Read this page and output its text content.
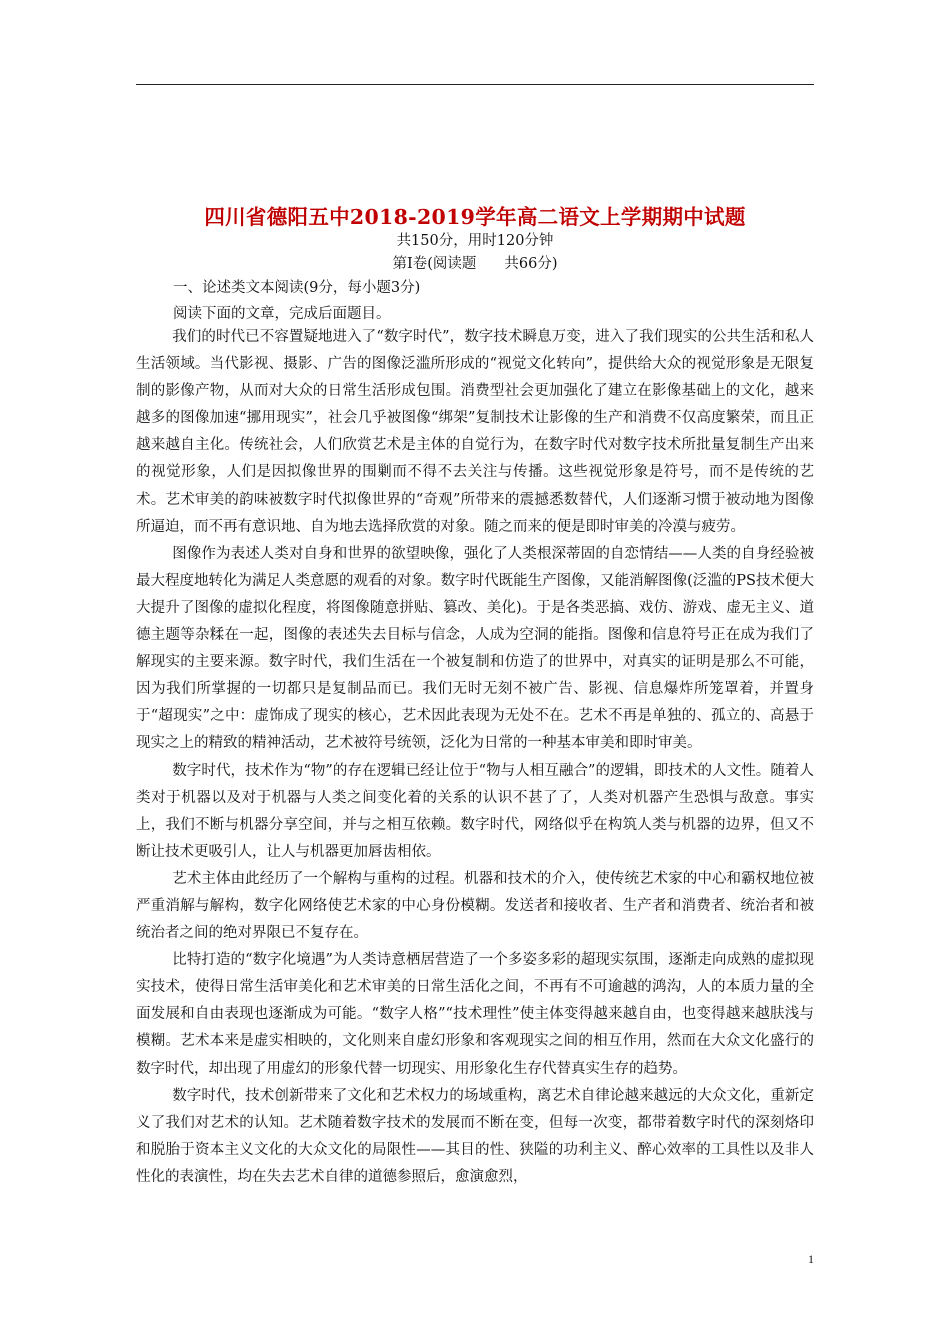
四川省德阳五中2018-2019学年高二语文上学期期中试题
共150分，用时120分钟
第Ⅰ卷(阅读题 共66分)
一、论述类文本阅读(9分，每小题3分)
阅读下面的文章，完成后面题目。

我们的时代已不容置疑地进入了“数字时代”，数字技术瞬息万变，进入了我们现实的公共生活和私人生活领域。当代影视、摄影、广告的图像泛滥所形成的“视觉文化转向”，提供给大众的视觉形象是无限复制的影像产物，从而对大众的日常生活形成包围。消费型社会更加强化了建立在影像基础上的文化，越来越多的图像加速“挪用现实”，社会几乎被图像“绑架”复制技术让影像的生产和消费不仅高度繁荣，而且正越来越自主化。传统社会，人们欣赏艺术是主体的自觉行为，在数字时代对数字技术所批量复制生产出来的视觉形象，人们是因拟像世界的围剿而不得不去关注与传播。这些视觉形象是符号，而不是传统的艺术。艺术审美的韵味被数字时代拟像世界的“奇观”所带来的震撼悉数替代，人们逐渐习惯于被动地为图像所逼迫，而不再有意识地、自为地去选择欣赏的对象。随之而来的便是即时审美的冷漠与疲劳。

图像作为表述人类对自身和世界的欲望映像，强化了人类根深蒂固的自恋情结——人类的自身经验被最大程度地转化为满足人类意愿的观看的对象。数字时代既能生产图像，又能消解图像(泛滥的PS技术便大大提升了图像的虚拟化程度，将图像随意拼贴、篡改、美化)。于是各类恶搞、戏仿、游戏、虚无主义、道德主题等杂糅在一起，图像的表述失去目标与信念，人成为空洞的能指。图像和信息符号正在成为我们了解现实的主要来源。数字时代，我们生活在一个被复制和仿造了的世界中，对真实的证明是那么不可能，因为我们所掌握的一切都只是复制品而已。我们无时无刻不被广告、影视、信息爆炸所笼罩着，并置身于“超现实”之中：虚饰成了现实的核心，艺术因此表现为无处不在。艺术不再是单独的、孤立的、高悬于现实之上的精致的精神活动，艺术被符号统领，泛化为日常的一种基本审美和即时审美。

数字时代，技术作为“物”的存在逻辑已经让位于“物与人相互融合”的逻辑，即技术的人文性。随着人类对于机器以及对于机器与人类之间变化着的关系的认识不甚了了，人类对机器产生恐惧与敌意。事实上，我们不断与机器分享空间，并与之相互依赖。数字时代，网络似乎在构筑人类与机器的边界，但又不断让技术更吸引人，让人与机器更加唇齿相依。

艺术主体由此经历了一个解构与重构的过程。机器和技术的介入，使传统艺术家的中心和霸权地位被严重消解与解构，数字化网络使艺术家的中心身份模糊。发送者和接收者、生产者和消费者、统治者和被统治者之间的绝对界限已不复存在。

比特打造的“数字化境遇”为人类诗意栖居营造了一个多姿多彩的超现实氛围，逐渐走向成熟的虚拟现实技术，使得日常生活审美化和艺术审美的日常生活化之间，不再有不可逾越的鸿沟，人的本质力量的全面发展和自由表现也逐渐成为可能。“数字人格”“技术理性”使主体变得越来越自由，也变得越来越肤浅与模糊。艺术本来是虚实相映的，文化则来自虚幻形象和客观现实之间的相互作用，然而在大众文化盛行的数字时代，却出现了用虚幻的形象代替一切现实、用形象化生存代替真实生存的趋势。

数字时代，技术创新带来了文化和艺术权力的场域重构，离艺术自律论越来越远的大众文化，重新定义了我们对艺术的认知。艺术随着数字技术的发展而不断在变，但每一次变，都带着数字时代的深刻烙印和脱胎于资本主义文化的大众文化的局限性——其目的性、狭隘的功利主义、醉心效率的工具性以及非人性化的表演性，均在失去艺术自律的道德参照后，愈演愈烈，

1
